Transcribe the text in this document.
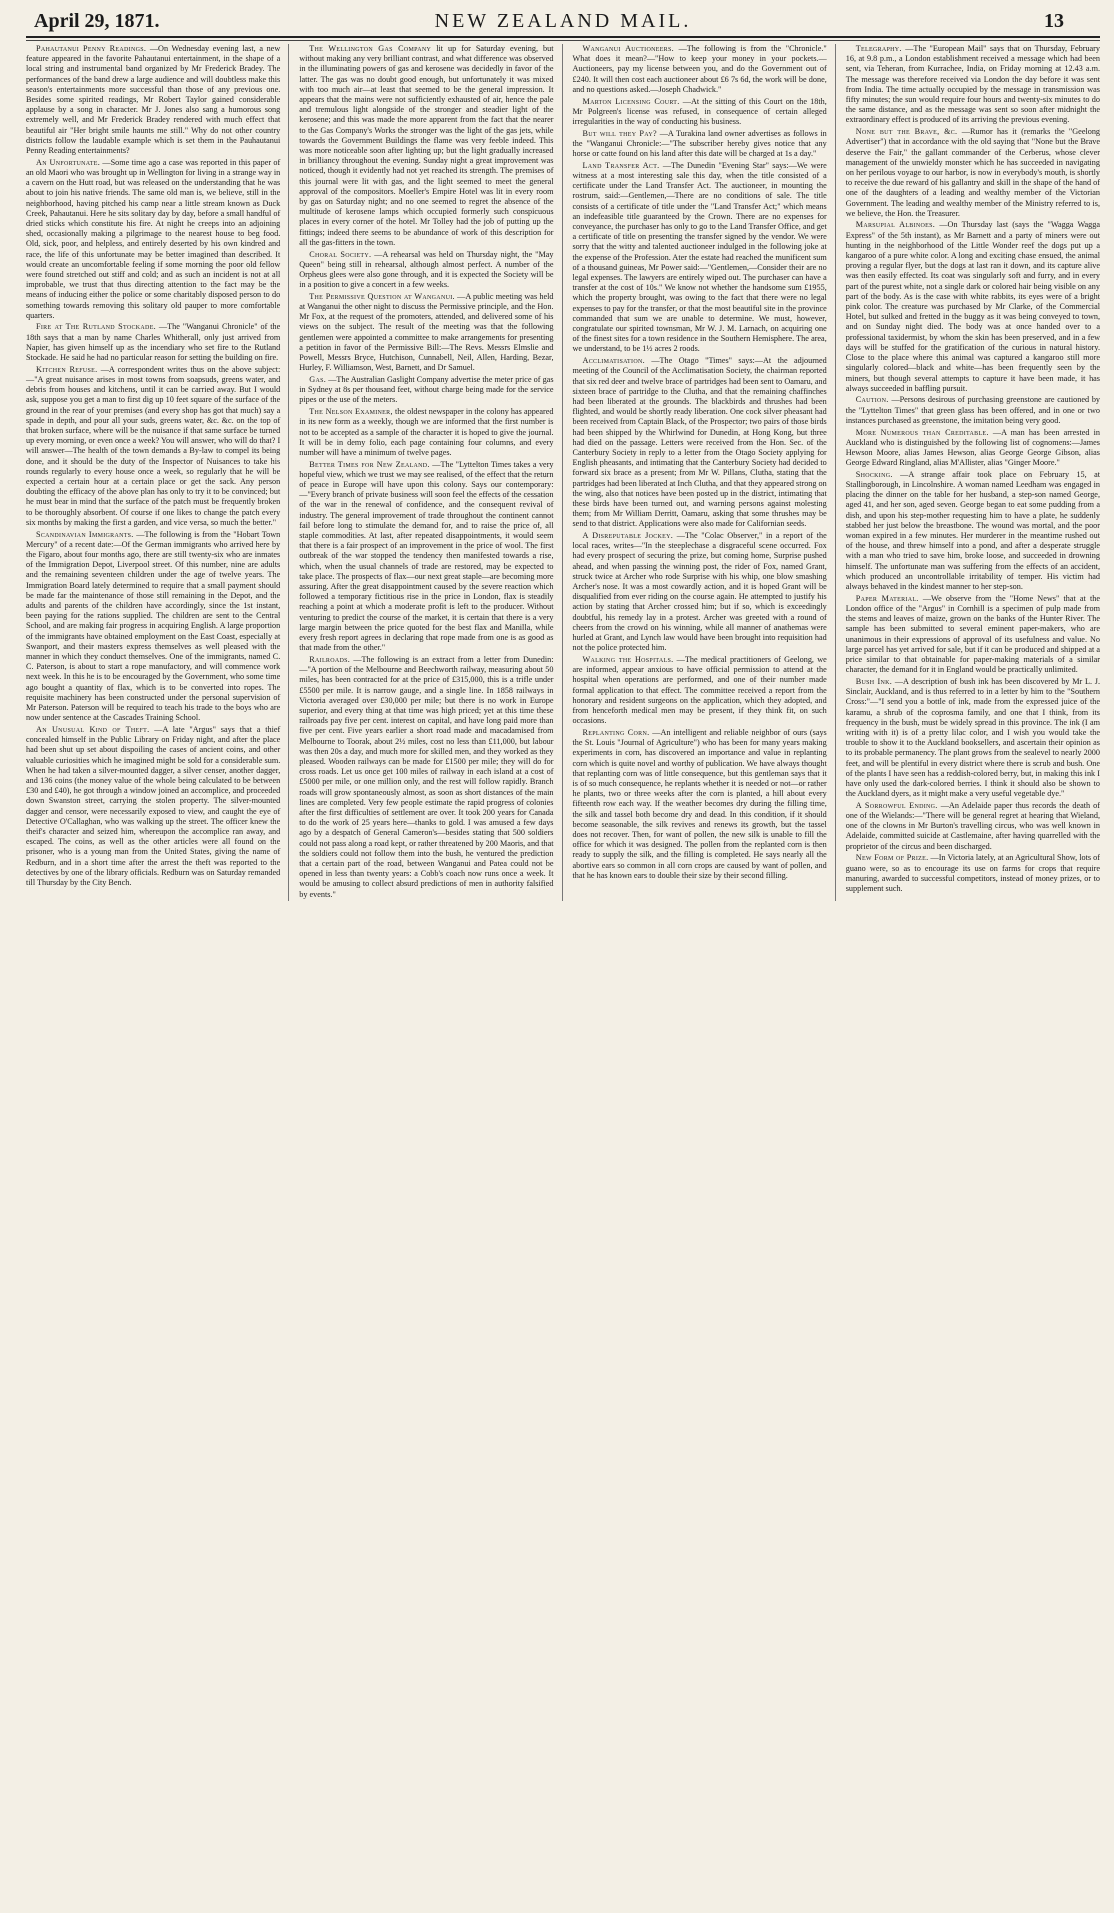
April 29, 1871.	NEW ZEALAND MAIL.	13

Pahautanui Penny Readings. —On Wednesday evening last, a new feature appeared in the favorite Pahautanui entertainment, in the shape of a local string and instrumental band organized by Mr Frederick Bradey. The performances of the band drew a large audience and will doubtless make this season's entertainments more successful than those of any previous one. Besides some spirited readings, Mr Robert Taylor gained considerable applause by a song in character. Mr J. Jones also sang a humorous song extremely well, and Mr Frederick Bradey rendered with much effect that beautiful air "Her bright smile haunts me still." Why do not other country districts follow the laudable example which is set them in the Pauhautanui Penny Reading entertainments?

An Unfortunate. —Some time ago a case was reported in this paper of an old Maori who was brought up in Wellington for living in a strange way in a cavern on the Hutt road, but was released on the understanding that he was about to join his native friends. The same old man is, we believe, still in the neighborhood, having pitched his camp near a little stream known as Duck Creek, Pahautanui. Here he sits solitary day by day, before a small handful of dried sticks which constitute his fire. At night he creeps into an adjoining shed, occasionally making a pilgrimage to the nearest house to beg food. Old, sick, poor, and helpless, and entirely deserted by his own kindred and race, the life of this unfortunate may be better imagined than described. It would create an uncomfortable feeling if some morning the poor old fellow were found stretched out stiff and cold; and as such an incident is not at all improbable, we trust that thus directing attention to the fact may be the means of inducing either the police or some charitably disposed person to do something towards removing this solitary old pauper to more comfortable quarters.

Fire at The Rutland Stockade. —The "Wanganui Chronicle" of the 18th says that a man by name Charles Whitherall, only just arrived from Napier, has given himself up as the incendiary who set fire to the Rutland Stockade. He said he had no particular reason for setting the building on fire.

Kitchen Refuse. —A correspondent writes thus on the above subject:—"A great nuisance arises in most towns from soapsuds, greens water, and debris from houses and kitchens, until it can be carried away. But I would ask, suppose you get a man to first dig up 10 feet square of the surface of the ground in the rear of your premises (and every shop has got that much) say a spade in depth, and pour all your suds, greens water, &c. &c. on the top of that broken surface, where will be the nuisance if that same surface be turned up every morning, or even once a week? You will answer, who will do that? I will answer—The health of the town demands a By-law to compel its being done, and it should be the duty of the Inspector of Nuisances to take his rounds regularly to every house once a week, so regularly that he will be expected a certain hour at a certain place or get the sack. Any person doubting the efficacy of the above plan has only to try it to be convinced; but he must bear in mind that the surface of the patch must be frequently broken to be thoroughly absorbent. Of course if one likes to change the patch every six months by making the first a garden, and vice versa, so much the better."

Scandinavian Immigrants. —The following is from the "Hobart Town Mercury" of a recent date:—Of the German immigrants who arrived here by the Figaro, about four months ago, there are still twenty-six who are inmates of the Immigration Depot, Liverpool street. Of this number, nine are adults and the remaining seventeen children under the age of twelve years. The Immigration Board lately determined to require that a small payment should be made far the maintenance of those still remaining in the Depot, and the adults and parents of the children have accordingly, since the 1st instant, been paying for the rations supplied. The children are sent to the Central School, and are making fair progress in acquiring English. A large proportion of the immigrants have obtained employment on the East Coast, especially at Swanport, and their masters express themselves as well pleased with the manner in which they conduct themselves. One of the immigrants, named C. C. Paterson, is about to start a rope manufactory, and will commence work next week. In this he is to be encouraged by the Government, who some time ago bought a quantity of flax, which is to be converted into ropes. The requisite machinery has been constructed under the personal supervision of Mr Paterson. Paterson will be required to teach his trade to the boys who are now under sentence at the Cascades Training School.

An Unusual Kind of Theft. —A late "Argus" says that a thief concealed himself in the Public Library on Friday night, and after the place had been shut up set about dispoiling the cases of ancient coins, and other valuable curiosities which he imagined might be sold for a considerable sum. When he had taken a silver-mounted dagger, a silver censer, another dagger, and 136 coins (the money value of the whole being calculated to be between £30 and £40), he got through a window joined an accomplice, and proceeded down Swanston street, carrying the stolen property. The silver-mounted dagger and censor, were necessarily exposed to view, and caught the eye of Detective O'Callaghan, who was walking up the street. The officer knew the theif's character and seized him, whereupon the accomplice ran away, and escaped. The coins, as well as the other articles were all found on the prisoner, who is a young man from the United States, giving the name of Redburn, and in a short time after the arrest the theft was reported to the detectives by one of the library officials. Redburn was on Saturday remanded till Thursday by the City Bench.

The Wellington Gas Company lit up for Saturday evening, but without making any very brilliant contrast, and what difference was observed in the illuminating powers of gas and kerosene was decidedly in favor of the latter. The gas was no doubt good enough, but unfortunately it was mixed with too much air—at least that seemed to be the general impression. It appears that the mains were not sufficiently exhausted of air, hence the pale and tremulous light alongside of the stronger and steadier light of the kerosene; and this was made the more apparent from the fact that the nearer to the Gas Company's Works the stronger was the light of the gas jets, while towards the Government Buildings the flame was very feeble indeed. This was more noticeable soon after lighting up; but the light gradually increased in brilliancy throughout the evening. Sunday night a great improvement was noticed, though it evidently had not yet reached its strength. The premises of this journal were lit with gas, and the light seemed to meet the general approval of the compositors. Moeller's Empire Hotel was lit in every room by gas on Saturday night; and no one seemed to regret the absence of the multitude of kerosene lamps which occupied formerly such conspicuous places in every corner of the hotel. Mr Tolley had the job of putting up the fittings; indeed there seems to be abundance of work of this description for all the gas-fitters in the town.

Choral Society. —A rehearsal was held on Thursday night, the "May Queen" being still in rehearsal, although almost perfect. A number of the Orpheus glees were also gone through, and it is expected the Society will be in a position to give a concert in a few weeks.

The Permissive Question at Wanganui. —A public meeting was held at Wanganui the other night to discuss the Permissive principle, and the Hon. Mr Fox, at the request of the promoters, attended, and delivered some of his views on the subject. The result of the meeting was that the following gentlemen were appointed a committee to make arrangements for presenting a petition in favor of the Permissive Bill:—The Revs. Messrs Elmslie and Powell, Messrs Bryce, Hutchison, Cunnabell, Neil, Allen, Harding, Bezar, Hurley, F. Williamson, West, Barnett, and Dr Samuel.

Gas. —The Australian Gaslight Company advertise the meter price of gas in Sydney at 8s per thousand feet, without charge being made for the service pipes or the use of the meters.

The Nelson Examiner, the oldest newspaper in the colony has appeared in its new form as a weekly, though we are informed that the first number is not to be accepted as a sample of the character it is hoped to give the journal. It will be in demy folio, each page containing four columns, and every number will have a minimum of twelve pages.

Better Times for New Zealand. —The "Lyttelton Times takes a very hopeful view, which we trust we may see realised, of the effect that the return of peace in Europe will have upon this colony. Says our contemporary:—"Every branch of private business will soon feel the effects of the cessation of the war in the renewal of confidence, and the consequent revival of industry. The general improvement of trade throughout the continent cannot fail before long to stimulate the demand for, and to raise the price of, all staple commodities. At last, after repeated disappointments, it would seem that there is a fair prospect of an improvement in the price of wool. The first outbreak of the war stopped the tendency then manifested towards a rise, which, when the usual channels of trade are restored, may be expected to take place. The prospects of flax—our next great staple—are becoming more assuring. After the great disappointment caused by the severe reaction which followed a temporary fictitious rise in the price in London, flax is steadily reaching a point at which a moderate profit is left to the producer. Without venturing to predict the course of the market, it is certain that there is a very large margin between the price quoted for the best flax and Manilla, while every fresh report agrees in declaring that rope made from one is as good as that made from the other."

Railroads. —The following is an extract from a letter from Dunedin:—"A portion of the Melbourne and Beechworth railway, measuring about 50 miles, has been contracted for at the price of £315,000, this is a trifle under £5500 per mile. It is narrow gauge, and a single line. In 1858 railways in Victoria averaged over £30,000 per mile; but there is no work in Europe superior, and every thing at that time was high priced; yet at this time these railroads pay five per cent. interest on capital, and have long paid more than five per cent. Five years earlier a short road made and macadamised from Melbourne to Toorak, about 2½ miles, cost no less than £11,000, but labour was then 20s a day, and much more for skilled men, and they worked as they pleased. Wooden railways can be made for £1500 per mile; they will do for cross roads. Let us once get 100 miles of railway in each island at a cost of £5000 per mile, or one million only, and the rest will follow rapidly. Branch roads will grow spontaneously almost, as soon as short distances of the main lines are completed. Very few people estimate the rapid progress of colonies after the first difficulties of settlement are over. It took 200 years for Canada to do the work of 25 years here—thanks to gold. I was amused a few days ago by a despatch of General Cameron's—besides stating that 500 soldiers could not pass along a road kept, or rather threatened by 200 Maoris, and that the soldiers could not follow them into the bush, he ventured the prediction that a certain part of the road, between Wanganui and Patea could not be opened in less than twenty years: a Cobb's coach now runs once a week. It would be amusing to collect absurd predictions of men in authority falsified by events."

Wanganui Auctioneers. —The following is from the "Chronicle." What does it mean?—"How to keep your money in your pockets.—Auctioneers, pay my license between you, and do the Government out of £240. It will then cost each auctioneer about £6 7s 6d, the work will be done, and no questions asked.—Joseph Chadwick."

Marton Licensing Court. —At the sitting of this Court on the 18th, Mr Polgreen's license was refused, in consequence of certain alleged irregularities in the way of conducting his business.

But will they Pay? —A Turakina land owner advertises as follows in the "Wanganui Chronicle:—"The subscriber hereby gives notice that any horse or catte found on his land after this date will be charged at 1s a day."

Land Transfer Act. —The Dunedin "Evening Star" says:—We were witness at a most interesting sale this day, when the title consisted of a certificate under the Land Transfer Act. The auctioneer, in mounting the rostrum, said:—Gentlemen,—There are no conditions of sale. The title consists of a certificate of title under the "Land Transfer Act;" which means an indefeasible title guaranteed by the Crown. There are no expenses for conveyance, the purchaser has only to go to the Land Transfer Office, and get a certificate of title on presenting the transfer signed by the vendor. We were sorry that the witty and talented auctioneer indulged in the following joke at the expense of the Profession. Ater the estate had reached the munificent sum of a thousand guineas, Mr Power said:—"Gentlemen,—Consider their are no legal expenses. The lawyers are entirely wiped out. The purchaser can have a transfer at the cost of 10s." We know not whether the handsome sum £1955, which the property brought, was owing to the fact that there were no legal expenses to pay for the transfer, or that the most beautiful site in the province commanded that sum we are unable to determine. We must, however, congratulate our spirited townsman, Mr W. J. M. Larnach, on acquiring one of the finest sites for a town residence in the Southern Hemisphere. The area, we understand, to be 1½ acres 2 roods.

Acclimatisation. —The Otago "Times" says:—At the adjourned meeting of the Council of the Acclimatisation Society, the chairman reported that six red deer and twelve brace of partridges had been sent to Oamaru, and sixteen brace of partridge to the Clutha, and that the remaining chaffinches had been liberated at the grounds. The blackbirds and thrushes had been flighted, and would be shortly ready liberation. One cock silver pheasant had been received from Captain Black, of the Prospector; two pairs of those birds had been shipped by the Whirlwind for Dunedin, at Hong Kong, but three had died on the passage. Letters were received from the Hon. Sec. of the Canterbury Society in reply to a letter from the Otago Society applying for English pheasants, and intimating that the Canterbury Society had decided to forward six brace as a present; from Mr W. Pillans, Clutha, stating that the partridges had been liberated at Inch Clutha, and that they appeared strong on the wing, also that notices have been posted up in the district, intimating that these birds have been turned out, and warning persons against molesting them; from Mr William Derritt, Oamaru, asking that some thrushes may be send to that district. Applications were also made for Californian seeds.

A Disreputable Jockey. —The "Colac Observer," in a report of the local races, writes—"In the steeplechase a disgraceful scene occurred. Fox had every prospect of securing the prize, but coming home, Surprise pushed ahead, and when passing the winning post, the rider of Fox, named Grant, struck twice at Archer who rode Surprise with his whip, one blow smashing Archer's nose. It was a most cowardly action, and it is hoped Grant will be disqualified from ever riding on the course again. He attempted to justify his action by stating that Archer crossed him; but if so, which is exceedingly doubtful, his remedy lay in a protest. Archer was greeted with a round of cheers from the crowd on his winning, while all manner of anathemas were hurled at Grant, and Lynch law would have been brought into requisition had not the police protected him.

Walking the Hospitals. —The medical practitioners of Geelong, we are informed, appear anxious to have official permission to attend at the hospital when operations are performed, and one of their number made formal application to that effect. The committee received a report from the honorary and resident surgeons on the application, which they adopted, and from henceforth medical men may be present, if they think fit, on such occasions.

Replanting Corn. —An intelligent and reliable neighbor of ours (says the St. Louis "Journal of Agriculture") who has been for many years making experiments in corn, has discovered an importance and value in replanting corn which is quite novel and worthy of publication. We have always thought that replanting corn was of little consequence, but this gentleman says that it is of so much consequence, he replants whether it is needed or not—or rather he plants, two or three weeks after the corn is planted, a hill about every fifteenth row each way. If the weather becomes dry during the filling time, the silk and tassel both become dry and dead. In this condition, if it should become seasonable, the silk revives and renews its growth, but the tassel does not recover. Then, for want of pollen, the new silk is unable to fill the office for which it was designed. The pollen from the replanted corn is then ready to supply the silk, and the filling is completed. He says nearly all the abortive ears so common in all corn crops are caused by want of pollen, and that he has known ears to double their size by their second filling.

Telegraphy. —The "European Mail" says that on Thursday, February 16, at 9.8 p.m., a London establishment received a message which had been sent, via Teheran, from Kurrachee, India, on Friday morning at 12.43 a.m. The message was therefore received via London the day before it was sent from India. The time actually occupied by the message in transmission was fifty minutes; the sun would require four hours and twenty-six minutes to do the same distance, and as the message was sent so soon after midnight the extraordinary effect is produced of its arriving the previous evening.

None but the Brave, &c. —Rumor has it (remarks the "Geelong Advertiser") that in accordance with the old saying that "None but the Brave deserve the Fair," the gallant commander of the Cerberus, whose clever management of the unwieldy monster which he has succeeded in navigating on her perilous voyage to our harbor, is now in everybody's mouth, is shortly to receive the due reward of his gallantry and skill in the shape of the hand of one of the daughters of a leading and wealthy member of the Victorian Government. The leading and wealthy member of the Ministry referred to is, we believe, the Hon. the Treasurer.

Marsupial Albinoes. —On Thursday last (says the "Wagga Wagga Express" of the 5th instant), as Mr Barnett and a party of miners were out hunting in the neighborhood of the Little Wonder reef the dogs put up a kangaroo of a pure white color. A long and exciting chase ensued, the animal proving a regular flyer, but the dogs at last ran it down, and its capture alive was then easily effected. Its coat was singularly soft and furry, and in every part of the purest white, not a single dark or colored hair being visible on any part of the body. As is the case with white rabbits, its eyes were of a bright pink color. The creature was purchased by Mr Clarke, of the Commercial Hotel, but sulked and fretted in the buggy as it was being conveyed to town, and on Sunday night died. The body was at once handed over to a professional taxidermist, by whom the skin has been preserved, and in a few days will be stuffed for the gratification of the curious in natural history. Close to the place where this animal was captured a kangaroo still more singularly colored—black and white—has been frequently seen by the miners, but though several attempts to capture it have been made, it has always succeeded in baffling pursuit.

Caution. —Persons desirous of purchasing greenstone are cautioned by the "Lyttelton Times" that green glass has been offered, and in one or two instances purchased as greenstone, the imitation being very good.

More Numerous than Creditable. —A man has been arrested in Auckland who is distinguished by the following list of cognomens:—James Hewson Moore, alias James Hewson, alias George George Gibson, alias George Edward Ringland, alias M'Allister, alias "Ginger Moore."

Shocking. —A strange affair took place on February 15, at Stallingborough, in Lincolnshire. A woman named Leedham was engaged in placing the dinner on the table for her husband, a step-son named George, aged 41, and her son, aged seven. George began to eat some pudding from a dish, and upon his step-mother requesting him to have a plate, he suddenly stabbed her just below the breastbone. The wound was mortal, and the poor woman expired in a few minutes. Her murderer in the meantime rushed out of the house, and threw himself into a pond, and after a desperate struggle with a man who tried to save him, broke loose, and succeeded in drowning himself. The unfortunate man was suffering from the effects of an accident, which produced an uncontrollable irritability of temper. His victim had always behaved in the kindest manner to her step-son.

Paper Material. —We observe from the "Home News" that at the London office of the "Argus" in Cornhill is a specimen of pulp made from the stems and leaves of maize, grown on the banks of the Hunter River. The sample has been submitted to several eminent paper-makers, who are unanimous in their expressions of approval of its usefulness and value. No large parcel has yet arrived for sale, but if it can be produced and shipped at a price similar to that obtainable for paper-making materials of a similar character, the demand for it in England would be practically unlimited.

Bush Ink. —A description of bush ink has been discovered by Mr L. J. Sinclair, Auckland, and is thus referred to in a letter by him to the "Southern Cross:"—"I send you a bottle of ink, made from the expressed juice of the karamu, a shrub of the coprosma family, and one that I think, from its frequency in the bush, must be widely spread in this province. The ink (I am writing with it) is of a pretty lilac color, and I wish you would take the trouble to show it to the Auckland booksellers, and ascertain their opinion as to its probable permanency. The plant grows from the sealevel to nearly 2000 feet, and will be plentiful in every district where there is scrub and bush. One of the plants I have seen has a reddish-colored berry, but, in making this ink I have only used the dark-colored berries. I think it should also be shown to the Auckland dyers, as it might make a very useful vegetable dye."

A Sorrowful Ending. —An Adelaide paper thus records the death of one of the Wielands:—"There will be general regret at hearing that Wieland, one of the clowns in Mr Burton's travelling circus, who was well known in Adelaide, committed suicide at Castlemaine, after having quarrelled with the proprietor of the circus and been discharged.

New Form of Prize. —In Victoria lately, at an Agricultural Show, lots of guano were, so as to encourage its use on farms for crops that require manuring, awarded to successful competitors, instead of money prizes, or to supplement such.
